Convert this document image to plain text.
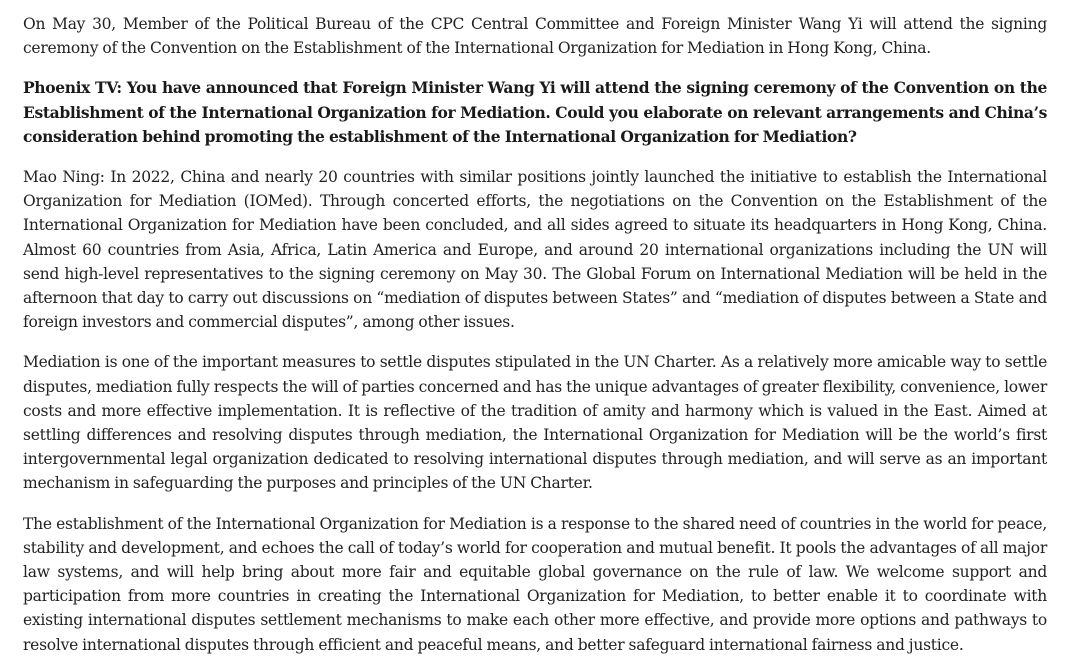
On May 30, Member of the Political Bureau of the CPC Central Committee and Foreign Minister Wang Yi will attend the signing ceremony of the Convention on the Establishment of the International Organization for Mediation in Hong Kong, China.

Phoenix TV: You have announced that Foreign Minister Wang Yi will attend the signing ceremony of the Convention on the Establishment of the International Organization for Mediation. Could you elaborate on relevant arrangements and China’s consideration behind promoting the establishment of the International Organization for Mediation?

Mao Ning: In 2022, China and nearly 20 countries with similar positions jointly launched the initiative to establish the International Organization for Mediation (IOMed). Through concerted efforts, the negotiations on the Convention on the Establishment of the International Organization for Mediation have been concluded, and all sides agreed to situate its headquarters in Hong Kong, China. Almost 60 countries from Asia, Africa, Latin America and Europe, and around 20 international organizations including the UN will send high-level representatives to the signing ceremony on May 30. The Global Forum on International Mediation will be held in the afternoon that day to carry out discussions on “mediation of disputes between States” and “mediation of disputes between a State and foreign investors and commercial disputes”, among other issues.

Mediation is one of the important measures to settle disputes stipulated in the UN Charter. As a relatively more amicable way to settle disputes, mediation fully respects the will of parties concerned and has the unique advantages of greater flexibility, convenience, lower costs and more effective implementation. It is reflective of the tradition of amity and harmony which is valued in the East. Aimed at settling differences and resolving disputes through mediation, the International Organization for Mediation will be the world’s first intergovernmental legal organization dedicated to resolving international disputes through mediation, and will serve as an important mechanism in safeguarding the purposes and principles of the UN Charter.

The establishment of the International Organization for Mediation is a response to the shared need of countries in the world for peace, stability and development, and echoes the call of today’s world for cooperation and mutual benefit. It pools the advantages of all major law systems, and will help bring about more fair and equitable global governance on the rule of law. We welcome support and participation from more countries in creating the International Organization for Mediation, to better enable it to coordinate with existing international disputes settlement mechanisms to make each other more effective, and provide more options and pathways to resolve international disputes through efficient and peaceful means, and better safeguard international fairness and justice.
